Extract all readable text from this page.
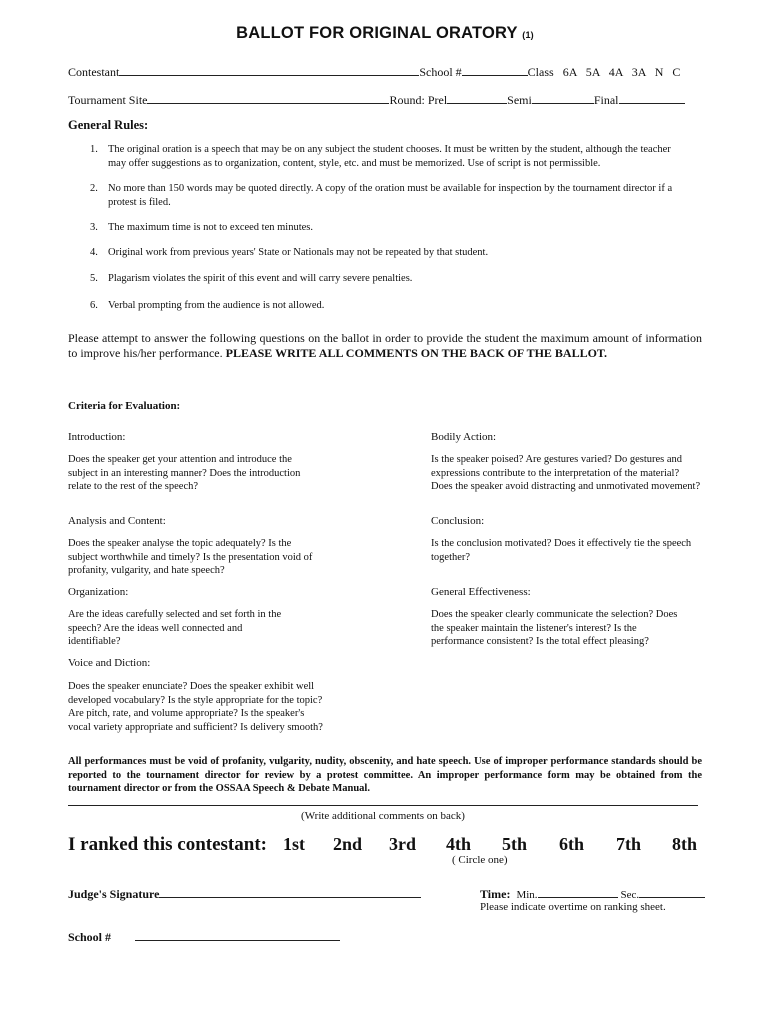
BALLOT FOR ORIGINAL ORATORY (1)
Contestant	School #	Class 6A   5A   4A   3A   N   C
Tournament Site	Round: Prel	Semi	Final
General Rules:
1. The original oration is a speech that may be on any subject the student chooses. It must be written by the student, although the teacher may offer suggestions as to organization, content, style, etc. and must be memorized. Use of script is not permissible.
2. No more than 150 words may be quoted directly. A copy of the oration must be available for inspection by the tournament director if a protest is filed.
3. The maximum time is not to exceed ten minutes.
4. Original work from previous years' State or Nationals may not be repeated by that student.
5. Plagarism violates the spirit of this event and will carry severe penalties.
6. Verbal prompting from the audience is not allowed.
Please attempt to answer the following questions on the ballot in order to provide the student the maximum amount of information to improve his/her performance. PLEASE WRITE ALL COMMENTS ON THE BACK OF THE BALLOT.
Criteria for Evaluation:
Introduction:	Bodily Action:
Does the speaker get your attention and introduce the subject in an interesting manner? Does the introduction relate to the rest of the speech?
Is the speaker poised? Are gestures varied? Do gestures and expressions contribute to the interpretation of the material? Does the speaker avoid distracting and unmotivated movement?
Analysis and Content:	Conclusion:
Does the speaker analyse the topic adequately? Is the subject worthwhile and timely? Is the presentation void of profanity, vulgarity, and hate speech?
Is the conclusion motivated? Does it effectively tie the speech together?
Organization:	General Effectiveness:
Are the ideas carefully selected and set forth in the speech? Are the ideas well connected and identifiable?
Does the speaker clearly communicate the selection? Does the speaker maintain the listener's interest? Is the performance consistent? Is the total effect pleasing?
Voice and Diction:
Does the speaker enunciate? Does the speaker exhibit well developed vocabulary? Is the style appropriate for the topic? Are pitch, rate, and volume appropriate? Is the speaker's vocal variety appropriate and sufficient? Is delivery smooth?
All performances must be void of profanity, vulgarity, nudity, obscenity, and hate speech. Use of improper performance standards should be reported to the tournament director for review by a protest committee. An improper performance form may be obtained from the tournament director or from the OSSAA Speech & Debate Manual.
(Write additional comments on back)
I ranked this contestant: 1st 2nd 3rd 4th 5th 6th 7th 8th
( Circle one)
Judge's Signature	Time: Min.	Sec.
Please indicate overtime on ranking sheet.
School #
